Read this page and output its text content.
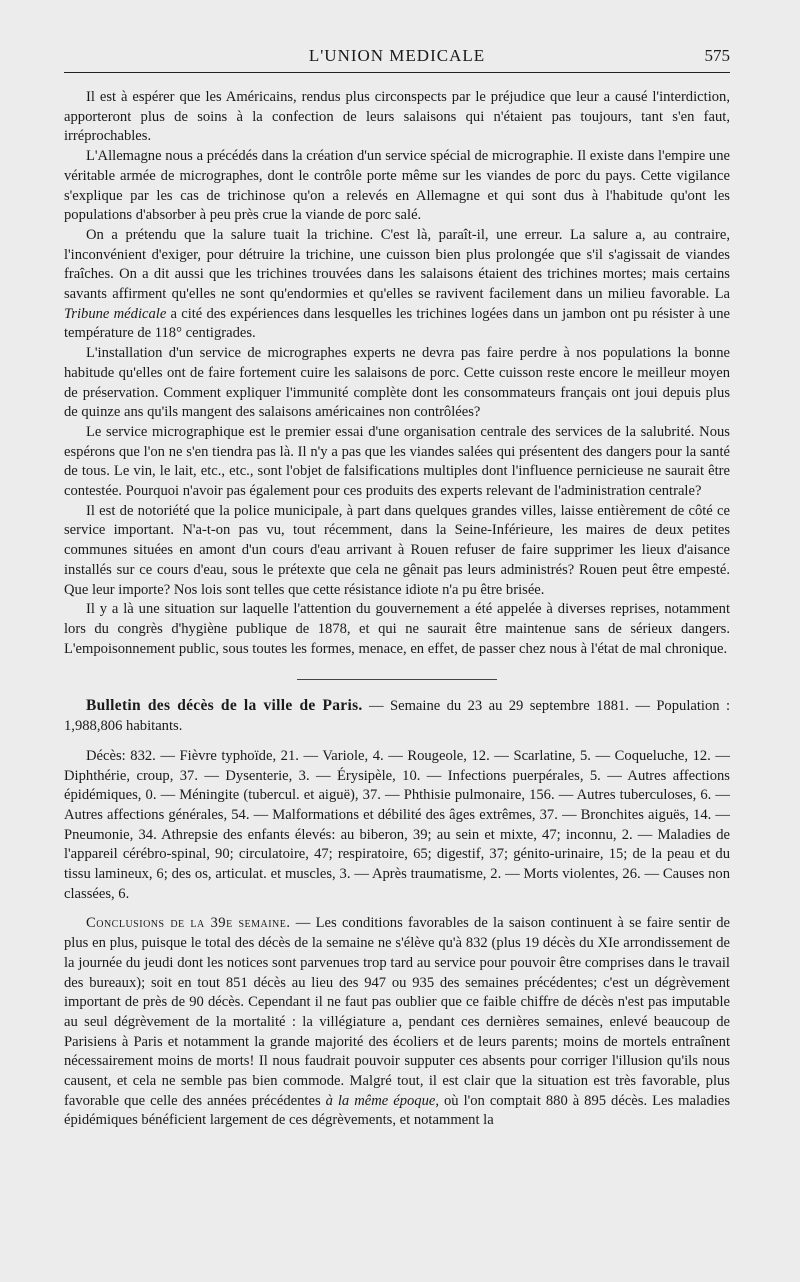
L'UNION MEDICALE	575

Il est à espérer que les Américains, rendus plus circonspects par le préjudice que leur a causé l'interdiction, apporteront plus de soins à la confection de leurs salaisons qui n'étaient pas toujours, tant s'en faut, irréprochables.

L'Allemagne nous a précédés dans la création d'un service spécial de micrographie. Il existe dans l'empire une véritable armée de micrographes, dont le contrôle porte même sur les viandes de porc du pays. Cette vigilance s'explique par les cas de trichinose qu'on a relevés en Allemagne et qui sont dus à l'habitude qu'ont les populations d'absorber à peu près crue la viande de porc salé.

On a prétendu que la salure tuait la trichine. C'est là, paraît-il, une erreur. La salure a, au contraire, l'inconvénient d'exiger, pour détruire la trichine, une cuisson bien plus prolongée que s'il s'agissait de viandes fraîches. On a dit aussi que les trichines trouvées dans les salaisons étaient des trichines mortes; mais certains savants affirment qu'elles ne sont qu'endormies et qu'elles se ravivent facilement dans un milieu favorable. La Tribune médicale a cité des expériences dans lesquelles les trichines logées dans un jambon ont pu résister à une température de 118° centigrades.

L'installation d'un service de micrographes experts ne devra pas faire perdre à nos populations la bonne habitude qu'elles ont de faire fortement cuire les salaisons de porc. Cette cuisson reste encore le meilleur moyen de préservation. Comment expliquer l'immunité complète dont les consommateurs français ont joui depuis plus de quinze ans qu'ils mangent des salaisons américaines non contrôlées?

Le service micrographique est le premier essai d'une organisation centrale des services de la salubrité. Nous espérons que l'on ne s'en tiendra pas là. Il n'y a pas que les viandes salées qui présentent des dangers pour la santé de tous. Le vin, le lait, etc., etc., sont l'objet de falsifications multiples dont l'influence pernicieuse ne saurait être contestée. Pourquoi n'avoir pas également pour ces produits des experts relevant de l'administration centrale?

Il est de notoriété que la police municipale, à part dans quelques grandes villes, laisse entièrement de côté ce service important. N'a-t-on pas vu, tout récemment, dans la Seine-Inférieure, les maires de deux petites communes situées en amont d'un cours d'eau arrivant à Rouen refuser de faire supprimer les lieux d'aisance installés sur ce cours d'eau, sous le prétexte que cela ne gênait pas leurs administrés? Rouen peut être empesté. Que leur importe? Nos lois sont telles que cette résistance idiote n'a pu être brisée.

Il y a là une situation sur laquelle l'attention du gouvernement a été appelée à diverses reprises, notamment lors du congrès d'hygiène publique de 1878, et qui ne saurait être maintenue sans de sérieux dangers. L'empoisonnement public, sous toutes les formes, menace, en effet, de passer chez nous à l'état de mal chronique.

Bulletin des décès de la ville de Paris. — Semaine du 23 au 29 septembre 1881. — Population : 1,988,806 habitants.

Décès: 832. — Fièvre typhoïde, 21. — Variole, 4. — Rougeole, 12. — Scarlatine, 5. — Coqueluche, 12. — Diphthérie, croup, 37. — Dysenterie, 3. — Érysipèle, 10. — Infections puerpérales, 5. — Autres affections épidémiques, 0. — Méningite (tubercul. et aiguë), 37. — Phthisie pulmonaire, 156. — Autres tuberculoses, 6. — Autres affections générales, 54. — Malformations et débilité des âges extrêmes, 37. — Bronchites aiguës, 14. — Pneumonie, 34. Athrepsie des enfants élevés: au biberon, 39; au sein et mixte, 47; inconnu, 2. — Maladies de l'appareil cérébro-spinal, 90; circulatoire, 47; respiratoire, 65; digestif, 37; génito-urinaire, 15; de la peau et du tissu lamineux, 6; des os, articulat. et muscles, 3. — Après traumatisme, 2. — Morts violentes, 26. — Causes non classées, 6.

Conclusions de la 39e semaine. — Les conditions favorables de la saison continuent à se faire sentir de plus en plus, puisque le total des décès de la semaine ne s'élève qu'à 832 (plus 19 décès du XIe arrondissement de la journée du jeudi dont les notices sont parvenues trop tard au service pour pouvoir être comprises dans le travail des bureaux); soit en tout 851 décès au lieu des 947 ou 935 des semaines précédentes; c'est un dégrèvement important de près de 90 décès. Cependant il ne faut pas oublier que ce faible chiffre de décès n'est pas imputable au seul dégrèvement de la mortalité : la villégiature a, pendant ces dernières semaines, enlevé beaucoup de Parisiens à Paris et notamment la grande majorité des écoliers et de leurs parents; moins de mortels entraînent nécessairement moins de morts! Il nous faudrait pouvoir supputer ces absents pour corriger l'illusion qu'ils nous causent, et cela ne semble pas bien commode. Malgré tout, il est clair que la situation est très favorable, plus favorable que celle des années précédentes à la même époque, où l'on comptait 880 à 895 décès. Les maladies épidémiques bénéficient largement de ces dégrèvements, et notamment la
